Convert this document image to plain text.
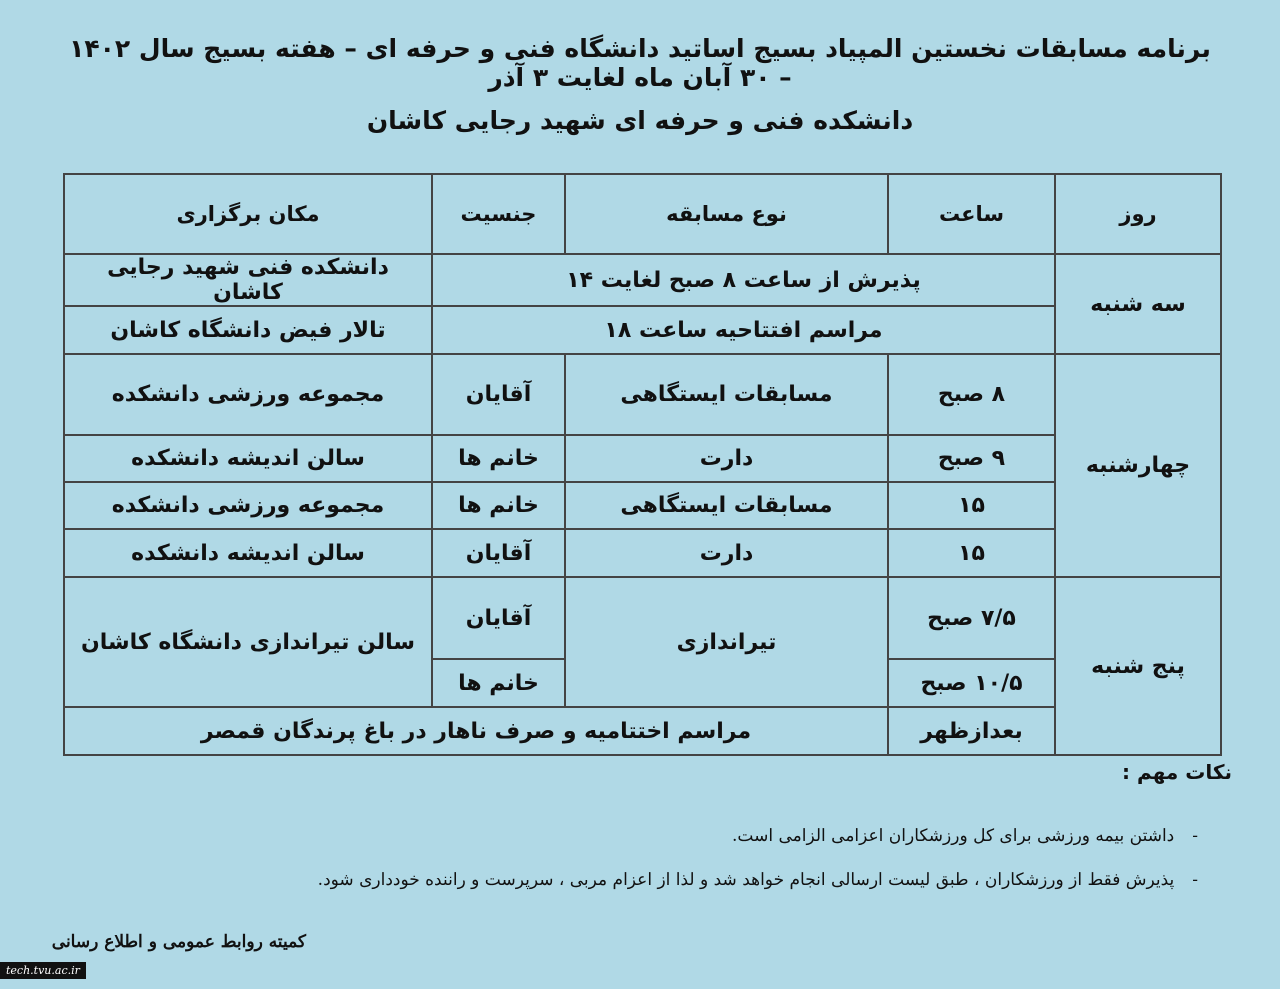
برنامه مسابقات نخستین المپیاد بسیج اساتید دانشگاه فنی و حرفه ای – هفته بسیج سال ۱۴۰۲ – ۳۰ آبان ماه لغایت ۳ آذر
دانشکده فنی و حرفه ای شهید رجایی کاشان
روز	ساعت	نوع مسابقه	جنسیت	مکان برگزاری
سه شنبه	پذیرش از ساعت ۸ صبح لغایت ۱۴			دانشکده فنی شهید رجایی کاشان
	مراسم افتتاحیه ساعت ۱۸			تالار فیض دانشگاه کاشان
چهارشنبه	۸ صبح	مسابقات ایستگاهی	آقایان	مجموعه ورزشی دانشکده
	۹ صبح	دارت	خانم ها	سالن اندیشه دانشکده
	۱۵	مسابقات ایستگاهی	خانم ها	مجموعه ورزشی دانشکده
	۱۵	دارت	آقایان	سالن اندیشه دانشکده
پنج شنبه	۷/۵ صبح	تیراندازی	آقایان	سالن تیراندازی دانشگاه کاشان
	۱۰/۵ صبح		خانم ها	
	بعدازظهر	مراسم اختتامیه و صرف ناهار در باغ پرندگان قمصر		
نکات مهم :
-داشتن بیمه ورزشی برای کل ورزشکاران اعزامی الزامی است.
-پذیرش فقط از ورزشکاران ، طبق لیست ارسالی انجام خواهد شد و لذا از اعزام مربی ، سرپرست و راننده خودداری شود.
کمیته روابط عمومی و اطلاع رسانی
tech.tvu.ac.ir
